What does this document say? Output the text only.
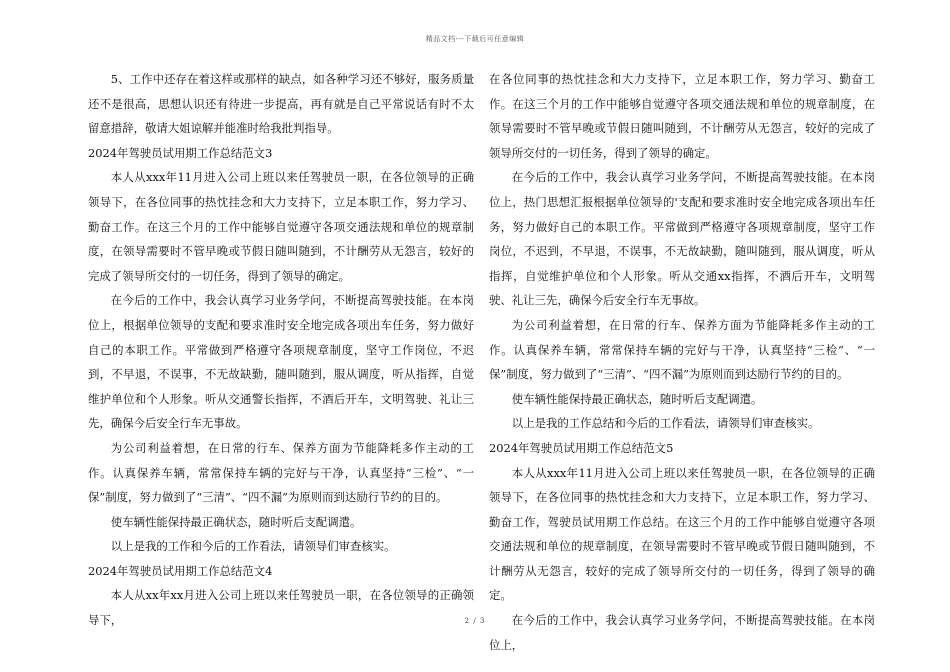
精品文档---下载后可任意编辑

5、工作中还存在着这样或那样的缺点，如各种学习还不够好，服务质量还不是很高，思想认识还有待进一步提高，再有就是自己平常说话有时不太留意措辞，敬请大姐谅解并能准时给我批判指导。

2024年驾驶员试用期工作总结范文3

本人从xxx年11月进入公司上班以来任驾驶员一职，在各位领导的正确领导下，在各位同事的热忱挂念和大力支持下，立足本职工作，努力学习、勤奋工作。在这三个月的工作中能够自觉遵守各项交通法规和单位的规章制度，在领导需要时不管早晚或节假日随叫随到，不计酬劳从无怨言，较好的完成了领导所交付的一切任务，得到了领导的确定。

在今后的工作中，我会认真学习业务学问，不断提高驾驶技能。在本岗位上，根据单位领导的支配和要求准时安全地完成各项出车任务，努力做好自己的本职工作。平常做到严格遵守各项规章制度，坚守工作岗位，不迟到，不早退，不误事，不无故缺勤，随叫随到，服从调度，听从指挥，自觉维护单位和个人形象。听从交通警长指挥，不酒后开车，文明驾驶、礼让三先，确保今后安全行车无事故。

为公司利益着想，在日常的行车、保养方面为节能降耗多作主动的工作。认真保养车辆，常常保持车辆的完好与干净，认真坚持“三检”、“一保”制度，努力做到了“三清”、“四不漏”为原则而到达励行节约的目的。

使车辆性能保持最正确状态，随时听后支配调遣。

以上是我的工作和今后的工作看法，请领导们审查核实。

2024年驾驶员试用期工作总结范文4

本人从xx年xx月进入公司上班以来任驾驶员一职，在各位领导的正确领导下，

在各位同事的热忱挂念和大力支持下，立足本职工作，努力学习、勤奋工作。在这三个月的工作中能够自觉遵守各项交通法规和单位的规章制度，在领导需要时不管早晚或节假日随叫随到，不计酬劳从无怨言，较好的完成了领导所交付的一切任务，得到了领导的确定。

在今后的工作中，我会认真学习业务学问，不断提高驾驶技能。在本岗位上，热门思想汇报根据单位领导的'支配和要求准时安全地完成各项出车任务，努力做好自己的本职工作。平常做到严格遵守各项规章制度，坚守工作岗位，不迟到，不早退，不误事，不无故缺勤，随叫随到，服从调度，听从指挥，自觉维护单位和个人形象。听从交通xx指挥，不酒后开车，文明驾驶、礼让三先，确保今后安全行车无事故。

为公司利益着想，在日常的行车、保养方面为节能降耗多作主动的工作。认真保养车辆，常常保持车辆的完好与干净，认真坚持“三检”、“一保”制度，努力做到了“三清”、“四不漏”为原则而到达励行节约的目的。

使车辆性能保持最正确状态，随时听后支配调遣。

以上是我的工作总结和今后的工作看法，请领导们审查核实。

2024年驾驶员试用期工作总结范文5

本人从xxx年11月进入公司上班以来任驾驶员一职，在各位领导的正确领导下，在各位同事的热忱挂念和大力支持下，立足本职工作，努力学习、勤奋工作，驾驶员试用期工作总结。在这三个月的工作中能够自觉遵守各项交通法规和单位的规章制度，在领导需要时不管早晚或节假日随叫随到，不计酬劳从无怨言，较好的完成了领导所交付的一切任务，得到了领导的确定。

在今后的工作中，我会认真学习业务学问，不断提高驾驶技能。在本岗位上，

2 / 3
